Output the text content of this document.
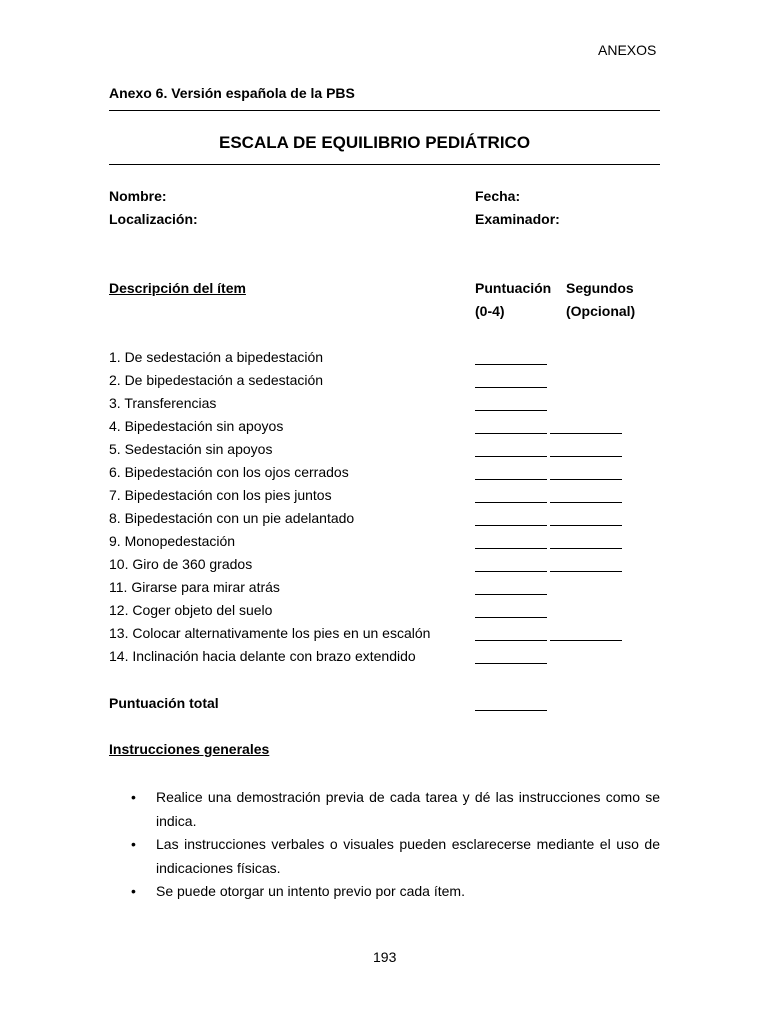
ANEXOS
Anexo 6. Versión española de la PBS
ESCALA DE EQUILIBRIO PEDIÁTRICO
Nombre:	Fecha:
Localización:	Examinador:
Descripción del ítem	Puntuación Segundos
(0-4)	(Opcional)
1. De sedestación a bipedestación
2. De bipedestación a sedestación
3. Transferencias
4. Bipedestación sin apoyos
5. Sedestación sin apoyos
6. Bipedestación con los ojos cerrados
7. Bipedestación con los pies juntos
8. Bipedestación con un pie adelantado
9. Monopedestación
10. Giro de 360 grados
11. Girarse para mirar atrás
12. Coger objeto del suelo
13. Colocar alternativamente los pies en un escalón
14. Inclinación hacia delante con brazo extendido
Puntuación total
Instrucciones generales
• Realice una demostración previa de cada tarea y dé las instrucciones como se indica.
• Las instrucciones verbales o visuales pueden esclarecerse mediante el uso de indicaciones físicas.
• Se puede otorgar un intento previo por cada ítem.
193
